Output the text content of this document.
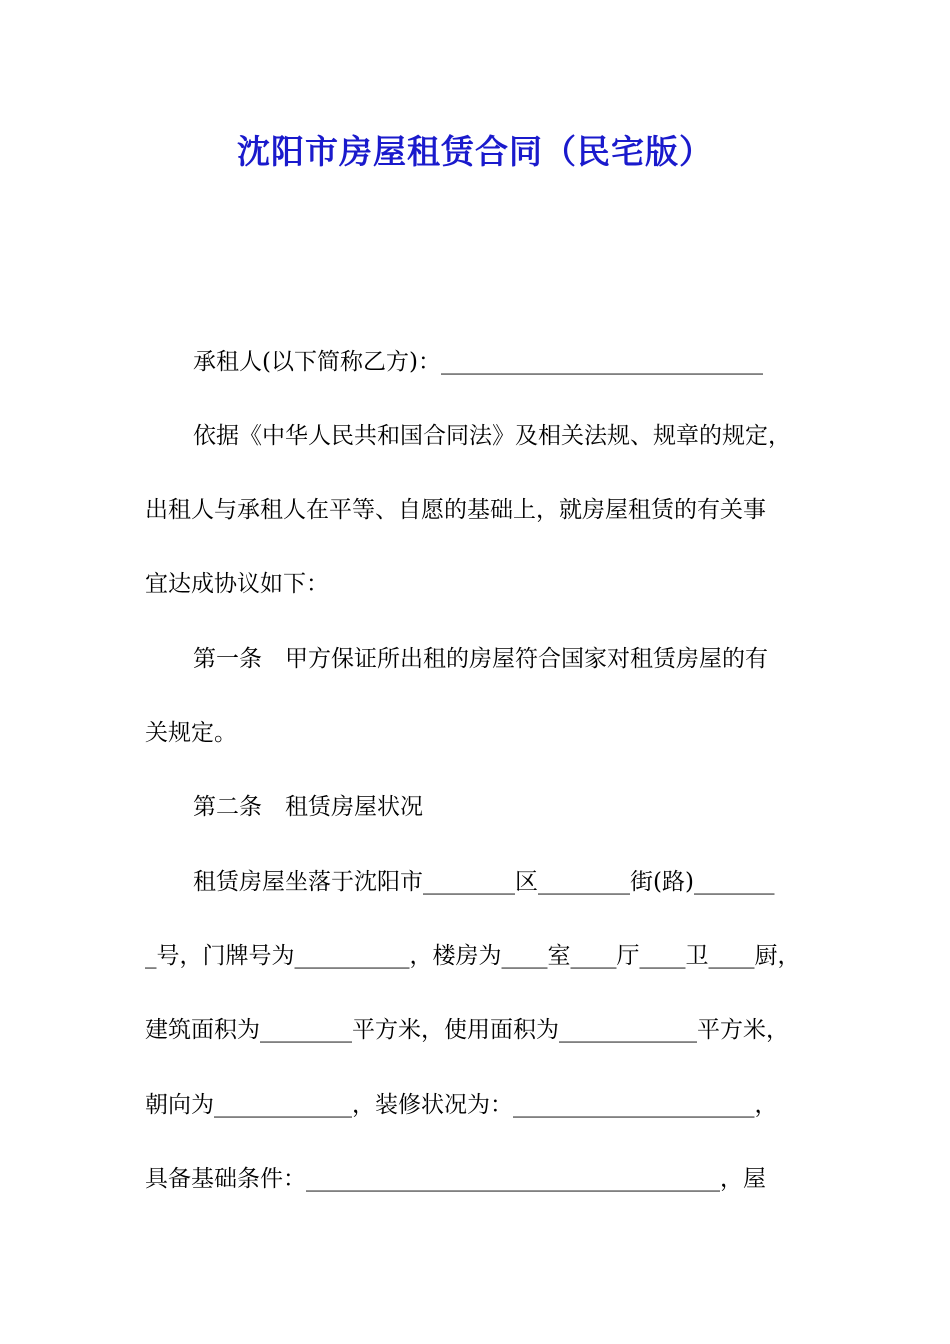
沈阳市房屋租赁合同（民宅版）
承租人(以下简称乙方)：____________________________
依据《中华人民共和国合同法》及相关法规、规章的规定，
出租人与承租人在平等、自愿的基础上，就房屋租赁的有关事
宜达成协议如下：
第一条　甲方保证所出租的房屋符合国家对租赁房屋的有
关规定。
第二条　租赁房屋状况
租赁房屋坐落于沈阳市________区________街(路)_______
_号，门牌号为__________，楼房为____室____厅____卫____厨，
建筑面积为________平方米，使用面积为____________平方米，
朝向为____________，装修状况为：_____________________，
具备基础条件：____________________________________，屋
